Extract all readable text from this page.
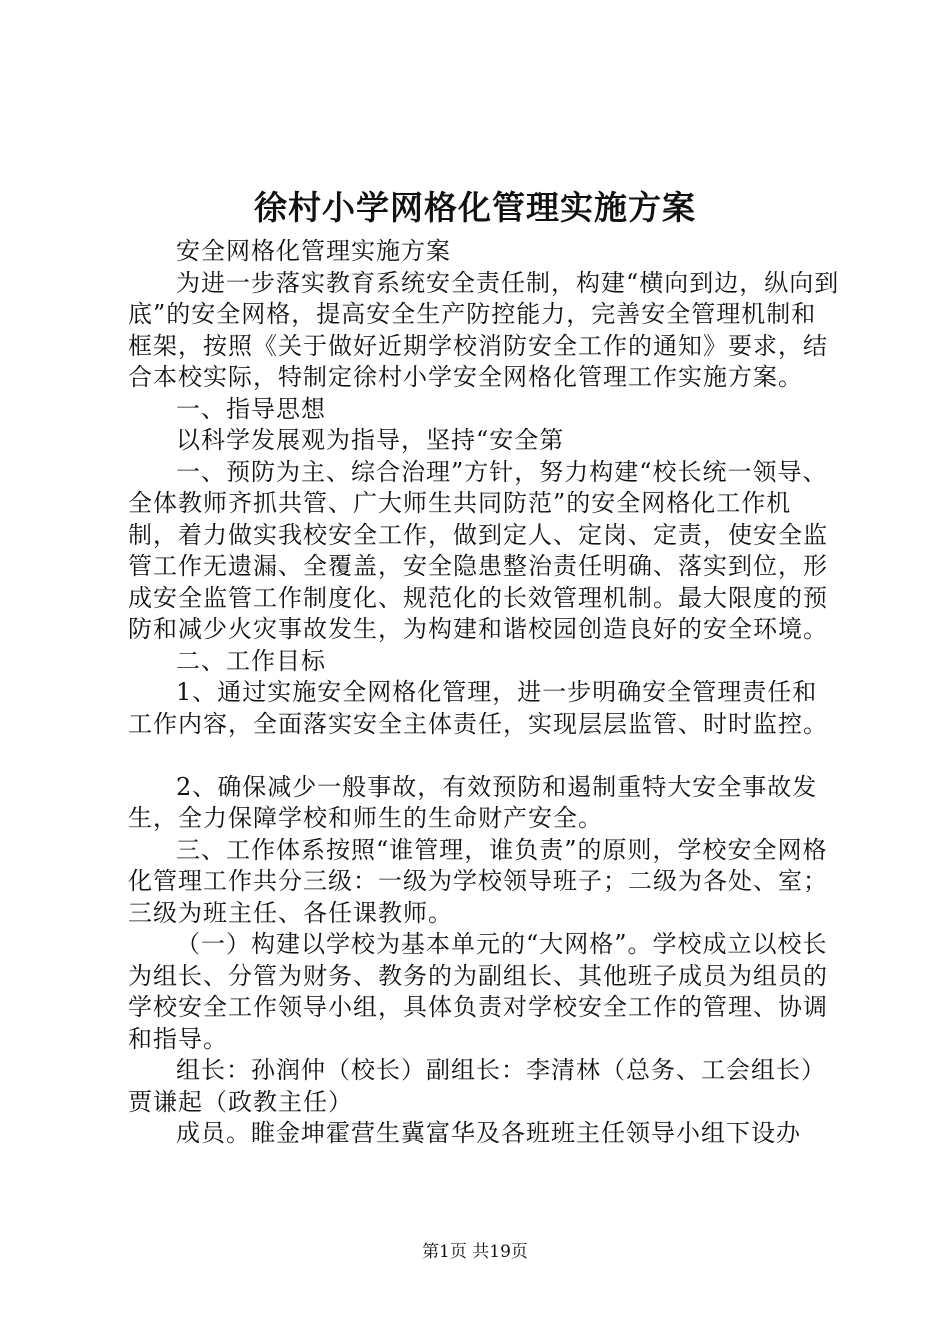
徐村小学网格化管理实施方案

安全网格化管理实施方案

为进一步落实教育系统安全责任制，构建“横向到边，纵向到底”的安全网格，提高安全生产防控能力，完善安全管理机制和框架，按照《关于做好近期学校消防安全工作的通知》要求，结合本校实际，特制定徐村小学安全网格化管理工作实施方案。

一、指导思想

以科学发展观为指导，坚持“安全第

一、预防为主、综合治理”方针，努力构建“校长统一领导、全体教师齐抓共管、广大师生共同防范”的安全网格化工作机制，着力做实我校安全工作，做到定人、定岗、定责，使安全监管工作无遗漏、全覆盖，安全隐患整治责任明确、落实到位，形成安全监管工作制度化、规范化的长效管理机制。最大限度的预防和减少火灾事故发生，为构建和谐校园创造良好的安全环境。

二、工作目标

1、通过实施安全网格化管理，进一步明确安全管理责任和工作内容，全面落实安全主体责任，实现层层监管、时时监控。

2、确保减少一般事故，有效预防和遏制重特大安全事故发生，全力保障学校和师生的生命财产安全。

三、工作体系按照“谁管理，谁负责”的原则，学校安全网格化管理工作共分三级：一级为学校领导班子；二级为各处、室；三级为班主任、各任课教师。

（一）构建以学校为基本单元的“大网格”。学校成立以校长为组长、分管为财务、教务的为副组长、其他班子成员为组员的学校安全工作领导小组，具体负责对学校安全工作的管理、协调和指导。

组长：孙润仲（校长）副组长：李清林（总务、工会组长）贾谦起（政教主任）

成员。睢金坤霍营生冀富华及各班班主任领导小组下设办

第1页 共19页
